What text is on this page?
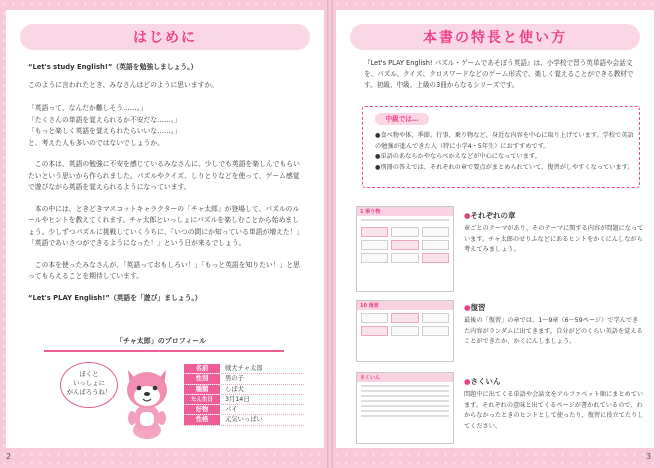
はじめに
“Let's study English!”（英語を勉強しましょう。）
このように言われたとき、みなさんはどのように思いますか。
「英語って、なんだか難しそう……。」
「たくさんの単語を覚えられるか不安だな……。」
「もっと楽しく英語を覚えられたらいいな……。」
と、考えた人も多いのではないでしょうか。
この本は、英語の勉強に不安を感じているみなさんに、少しでも英語を楽しんでもらいたいという思いから作られました。パズルやクイズ、しりとりなどを使って、ゲーム感覚で遊びながら英語を覚えられるようになっています。
本の中には、ときどきマスコットキャラクターの「チャ太郎」が登場して、パズルのルールやヒントを教えてくれます。チャ太郎といっしょにパズルを楽しむことから始めましょう。少しずつパズルに挑戦していくうちに、「いつの間にか知っている単語が増えた！」「英語であいさつができるようになった！」という日が来るでしょう。
この本を使ったみなさんが、「英語っておもしろい！」「もっと英語を知りたい！」と思ってもらえることを期待しています。
“Let's PLAY English!”（英語を「遊び」ましょう。）
「チャ太郎」のプロフィール
ぼくと
いっしょに
がんばろうね！
名前	戦犬チャ太郎
性別	男の子
種類	しば犬
たん生日	3月14日
好物	パイ
性格	元気いっぱい
2
本書の特長と使い方
『Let's PLAY English! パズル・ゲームであそぼう英語』は、小学校で習う英単語や会話文を、パズル、クイズ、クロスワードなどのゲーム形式で、楽しく覚えることができる教材です。初級、中級、上級の3冊からなるシリーズです。
中級では…
●食べ物や体、季節、行事、乗り物など、身近な内容を中心に取り上げています。学校で英語の勉強が進んできた人（特に小学4・5年生）におすすめです。
●単語のあならかやならべかえなどが中心になっています。
●別冊の答えでは、それぞれの章で要点がまとめられていて、復習がしやすくなっています。
1 乗り物
10 復習
さくいん
●それぞれの章
章ごとのテーマがあり、そのテーマに関する内容が問題になっています。チャ太郎のせりふなどにあるヒントをかくにんしながら考えてみましょう。
●復習
最後の「復習」の章では、1～9章（6～59ページ）で学んできた内容がランダムに出てきます。自分がどのくらい英語を覚えることができたか、かくにんしましょう。
●さくいん
問題中に出てくる単語や会話文をアルファベット順にまとめています。それぞれの意味と出てくるページが書かれているので、わからなかったときのヒントとして使ったり、復習に役立てたりしてください。
3
